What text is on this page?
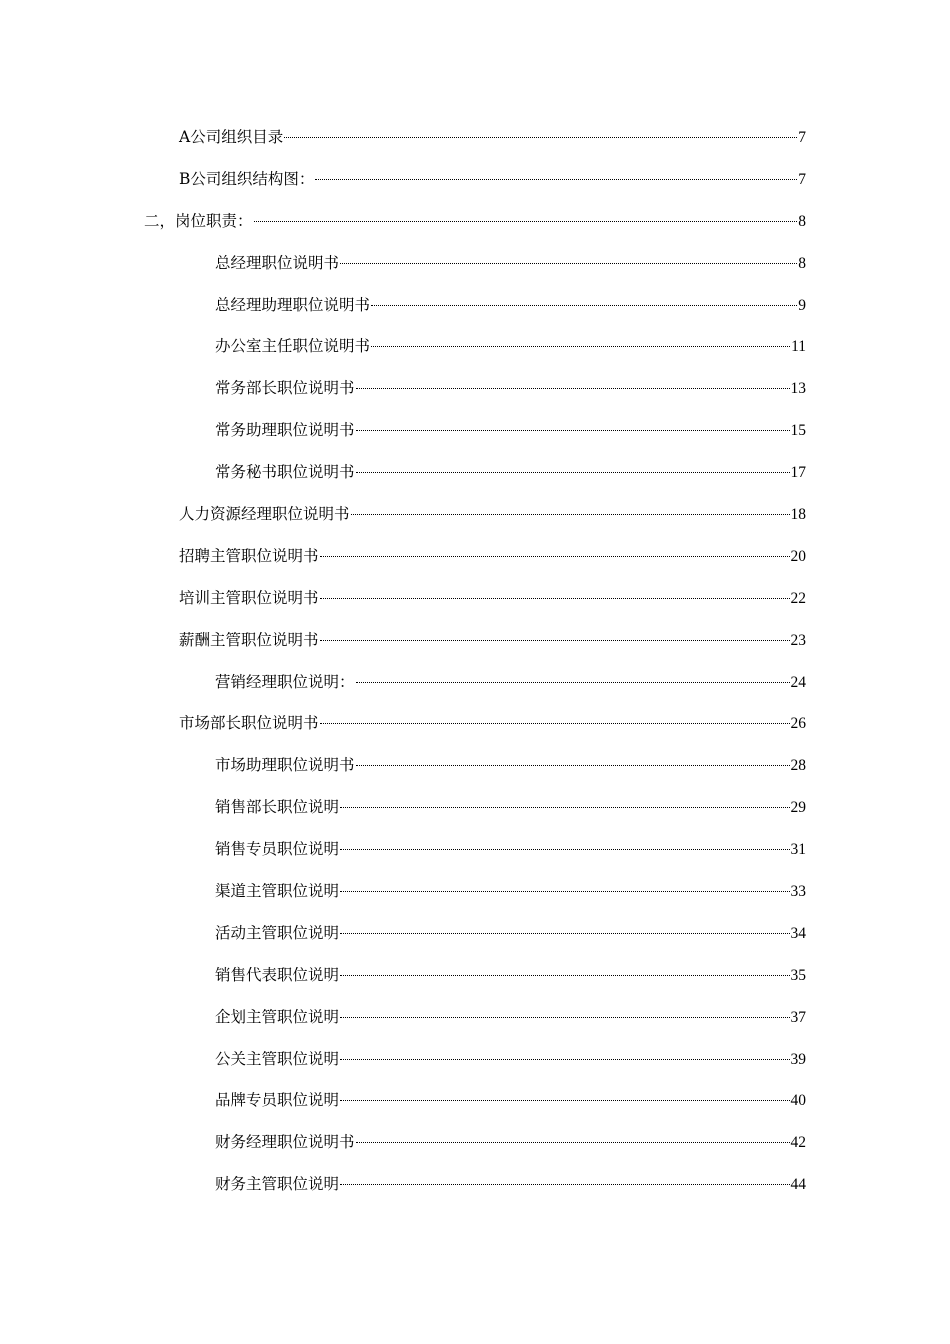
A公司组织目录	7
B公司组织结构图：	7
二，岗位职责：	8
总经理职位说明书	8
总经理助理职位说明书	9
办公室主任职位说明书	11
常务部长职位说明书	13
常务助理职位说明书	15
常务秘书职位说明书	17
人力资源经理职位说明书	18
招聘主管职位说明书	20
培训主管职位说明书	22
薪酬主管职位说明书	23
营销经理职位说明：	24
市场部长职位说明书	26
市场助理职位说明书	28
销售部长职位说明	29
销售专员职位说明	31
渠道主管职位说明	33
活动主管职位说明	34
销售代表职位说明	35
企划主管职位说明	37
公关主管职位说明	39
品牌专员职位说明	40
财务经理职位说明书	42
财务主管职位说明	44
